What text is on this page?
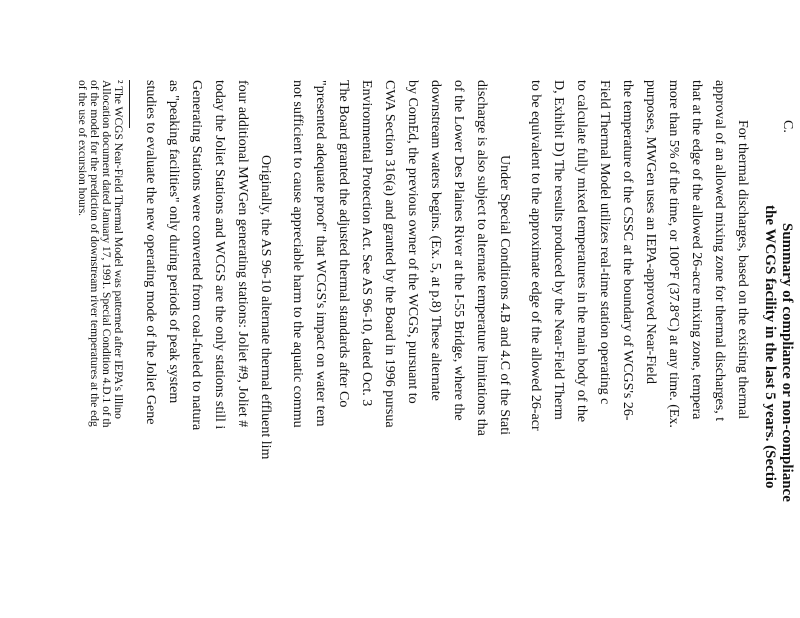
C.
Summary of compliance or non-compliance
the WCGS facility in the last 5 years. (Sectio
For thermal discharges, based on the existing thermal
approval of an allowed mixing zone for thermal discharges, t
that at the edge of the allowed 26-acre mixing zone, tempera
more than 5% of the time, or 100°F (37.8°C) at any time. (Ex.
purposes, MWGen uses an IEPA-approved Near-Field
the temperature of the CSSC at the boundary of WCGS's 26-
Field Thermal Model utilizes real-time station operating c
to calculate fully mixed temperatures in the main body of the
D, Exhibit D) The results produced by the Near-Field Therm
to be equivalent to the approximate edge of the allowed 26-acr
Under Special Conditions 4.B and 4.C of the Stati
discharge is also subject to alternate temperature limitations tha
of the Lower Des Plaines River at the I-55 Bridge, where the
downstream waters begins. (Ex. 5, at p.8) These alternate
by ComEd, the previous owner of the WCGS, pursuant to
CWA Section 316(a) and granted by the Board in 1996 pursua
Environmental Protection Act. See AS 96-10, dated Oct. 3
The Board granted the adjusted thermal standards after Co
"presented adequate proof" that WCGS's impact on water tem
not sufficient to cause appreciable harm to the aquatic commu
Originally, the AS 96-10 alternate thermal effluent lim
four additional MWGen generating stations: Joliet #9, Joliet #
today the Joliet Stations and WCGS are the only stations still i
Generating Stations were converted from coal-fueled to natura
as "peaking facilities" only during periods of peak system
studies to evaluate the new operating mode of the Joliet Gene
² The WCGS Near-Field Thermal Model was patterned after IEPA's Illino
Allocation document dated January 17, 1991. Special Condition 4.D.1 of th
of the model for the prediction of downstream river temperatures at the edg
of the use of excursion hours.
